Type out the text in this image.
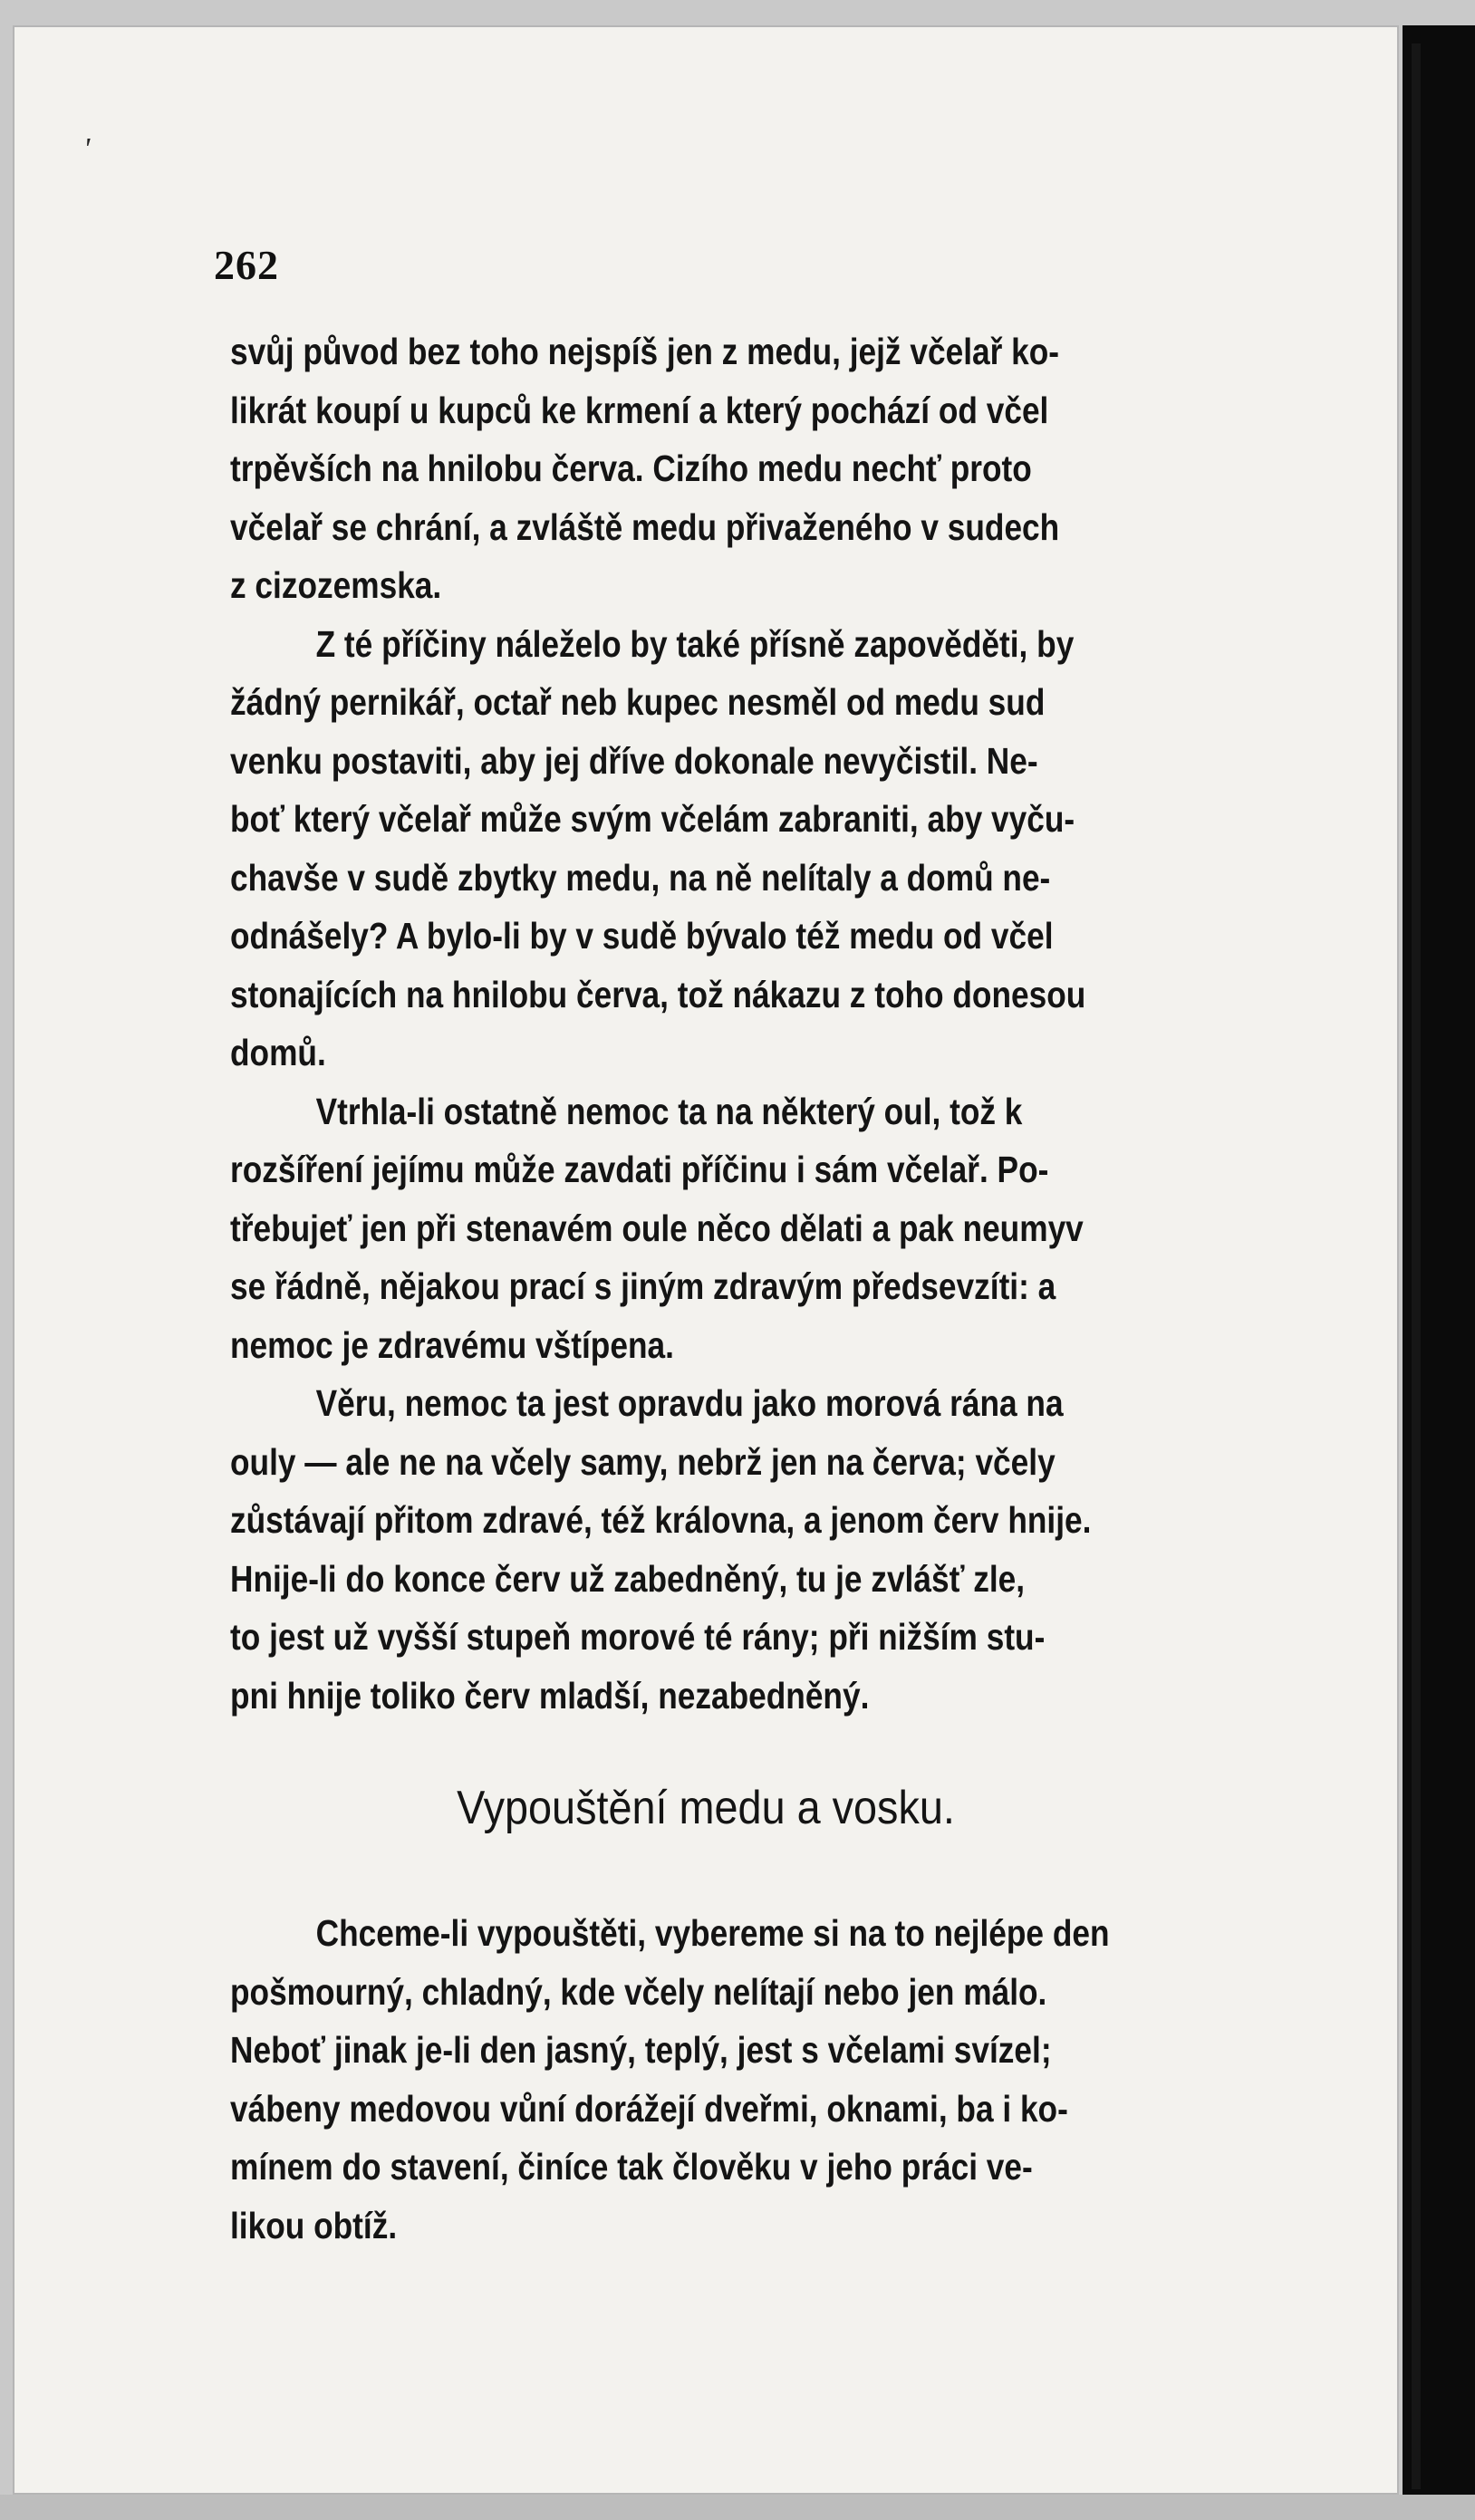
'
262
svůj původ bez toho nejspíš jen z medu, jejž včelař ko-
likrát koupí u kupců ke krmení a který pochází od včel
trpěvších na hnilobu červa. Cizího medu nechť proto
včelař se chrání, a zvláště medu přivaženého v sudech
z cizozemska.
Z té příčiny náleželo by také přísně zapověděti, by
žádný pernikář, octař neb kupec nesměl od medu sud
venku postaviti, aby jej dříve dokonale nevyčistil. Ne-
boť který včelař může svým včelám zabraniti, aby vyču-
chavše v sudě zbytky medu, na ně nelítaly a domů ne-
odnášely? A bylo-li by v sudě bývalo též medu od včel
stonajících na hnilobu červa, tož nákazu z toho donesou
domů.
Vtrhla-li ostatně nemoc ta na některý oul, tož k
rozšíření jejímu může zavdati příčinu i sám včelař. Po-
třebujeť jen při stenavém oule něco dělati a pak neumyv
se řádně, nějakou prací s jiným zdravým předsevzíti: a
nemoc je zdravému vštípena.
Věru, nemoc ta jest opravdu jako morová rána na
ouly — ale ne na včely samy, nebrž jen na červa; včely
zůstávají přitom zdravé, též královna, a jenom červ hnije.
Hnije-li do konce červ už zabedněný, tu je zvlášť zle,
to jest už vyšší stupeň morové té rány; při nižším stu-
pni hnije toliko červ mladší, nezabedněný.
Vypouštění medu a vosku.
Chceme-li vypouštěti, vybereme si na to nejlépe den
pošmourný, chladný, kde včely nelítají nebo jen málo.
Neboť jinak je-li den jasný, teplý, jest s včelami svízel;
vábeny medovou vůní dorážejí dveřmi, oknami, ba i ko-
mínem do stavení, činíce tak člověku v jeho práci ve-
likou obtíž.
